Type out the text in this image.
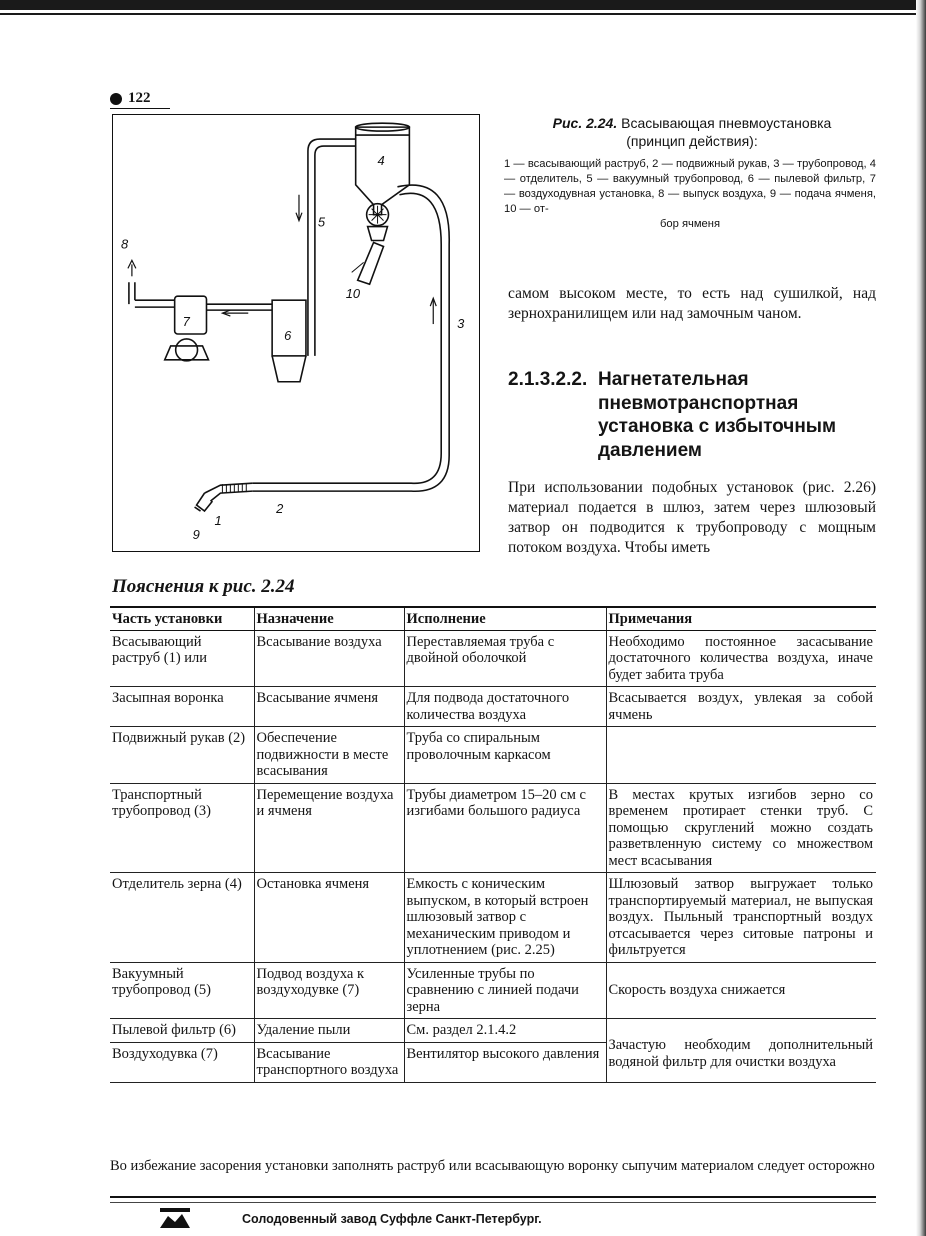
122
4
5
3
6
7
8
10
2
1
9
Рис. 2.24. Всасывающая пневмоустановка
(принцип действия):
1 — всасывающий раструб, 2 — подвижный рукав, 3 — трубопровод, 4 — отделитель, 5 — вакуумный трубопровод, 6 — пылевой фильтр, 7 — воздуходувная установка, 8 — выпуск воздуха, 9 — подача ячменя, 10 — от-
бор ячменя
самом высоком месте, то есть над сушилкой, над зернохранилищем или над замочным чаном.
2.1.3.2.2. Нагнетательная
пневмотранспортная установка с избыточным давлением
При использовании подобных установок (рис. 2.26) материал подается в шлюз, затем через шлюзовый затвор он подводится к трубопроводу с мощным потоком воздуха. Чтобы иметь
Пояснения к рис. 2.24
Часть установки	Назначение	Исполнение	Примечания
Всасывающий раструб (1) или	Всасывание воздуха	Переставляемая труба с двойной оболочкой	Необходимо постоянное засасывание достаточного количества воздуха, иначе будет забита труба
Засыпная воронка	Всасывание ячменя	Для подвода достаточного количества воздуха	Всасывается воздух, увлекая за собой ячмень
Подвижный рукав (2)	Обеспечение подвижности в месте всасывания	Труба со спиральным проволочным каркасом	
Транспортный трубопровод (3)	Перемещение воздуха и ячменя	Трубы диаметром 15–20 см с изгибами большого радиуса	В местах крутых изгибов зерно со временем протирает стенки труб. С помощью скруглений можно создать разветвленную систему со множеством мест всасывания
Отделитель зерна (4)	Остановка ячменя	Емкость с коническим выпуском, в который встроен шлюзовый затвор с механическим приводом и уплотнением (рис. 2.25)	Шлюзовый затвор выгружает только транспортируемый материал, не выпуская воздух. Пыльный транспортный воздух отсасывается через ситовые патроны и фильтруется
Вакуумный трубопровод (5)	Подвод воздуха к воздуходувке (7)	Усиленные трубы по сравнению с линией подачи зерна	Скорость воздуха снижается
Пылевой фильтр (6)	Удаление пыли	См. раздел 2.1.4.2	Зачастую необходим дополнительный водяной фильтр для очистки воздуха
Воздуходувка (7)	Всасывание транспортного воздуха	Вентилятор высокого давления	
Во избежание засорения установки заполнять раструб или всасывающую воронку сыпучим материалом следует осторожно
Солодовенный завод Суффле Санкт-Петербург.
